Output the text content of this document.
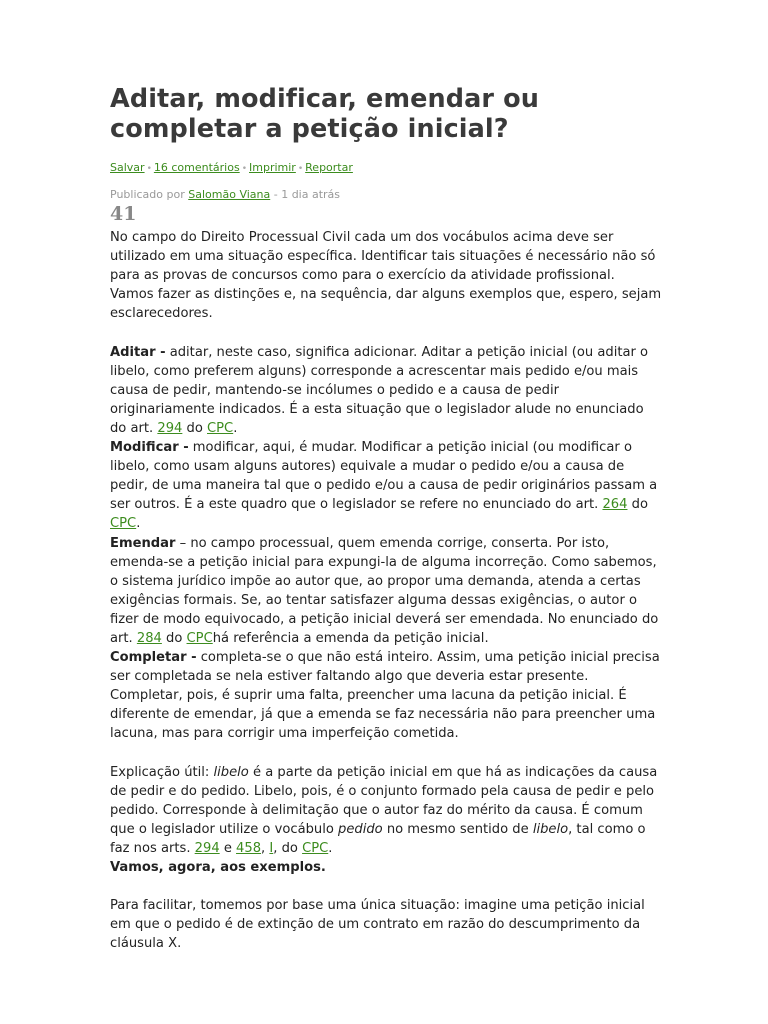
Aditar, modificar, emendar ou completar a petição inicial?
Salvar • 16 comentários • Imprimir • Reportar
Publicado por Salomão Viana - 1 dia atrás
41

No campo do Direito Processual Civil cada um dos vocábulos acima deve ser utilizado em uma situação específica. Identificar tais situações é necessário não só para as provas de concursos como para o exercício da atividade profissional. Vamos fazer as distinções e, na sequência, dar alguns exemplos que, espero, sejam esclarecedores.

Aditar - aditar, neste caso, significa adicionar. Aditar a petição inicial (ou aditar o libelo, como preferem alguns) corresponde a acrescentar mais pedido e/ou mais causa de pedir, mantendo-se incólumes o pedido e a causa de pedir originariamente indicados. É a esta situação que o legislador alude no enunciado do art. 294 do CPC.

Modificar - modificar, aqui, é mudar. Modificar a petição inicial (ou modificar o libelo, como usam alguns autores) equivale a mudar o pedido e/ou a causa de pedir, de uma maneira tal que o pedido e/ou a causa de pedir originários passam a ser outros. É a este quadro que o legislador se refere no enunciado do art. 264 do CPC.

Emendar – no campo processual, quem emenda corrige, conserta. Por isto, emenda-se a petição inicial para expungi-la de alguma incorreção. Como sabemos, o sistema jurídico impõe ao autor que, ao propor uma demanda, atenda a certas exigências formais. Se, ao tentar satisfazer alguma dessas exigências, o autor o fizer de modo equivocado, a petição inicial deverá ser emendada. No enunciado do art. 284 do CPChá referência a emenda da petição inicial.

Completar - completa-se o que não está inteiro. Assim, uma petição inicial precisa ser completada se nela estiver faltando algo que deveria estar presente. Completar, pois, é suprir uma falta, preencher uma lacuna da petição inicial. É diferente de emendar, já que a emenda se faz necessária não para preencher uma lacuna, mas para corrigir uma imperfeição cometida.

Explicação útil: libelo é a parte da petição inicial em que há as indicações da causa de pedir e do pedido. Libelo, pois, é o conjunto formado pela causa de pedir e pelo pedido. Corresponde à delimitação que o autor faz do mérito da causa. É comum que o legislador utilize o vocábulo pedido no mesmo sentido de libelo, tal como o faz nos arts. 294 e 458, I, do CPC.

Vamos, agora, aos exemplos.

Para facilitar, tomemos por base uma única situação: imagine uma petição inicial em que o pedido é de extinção de um contrato em razão do descumprimento da cláusula X.
